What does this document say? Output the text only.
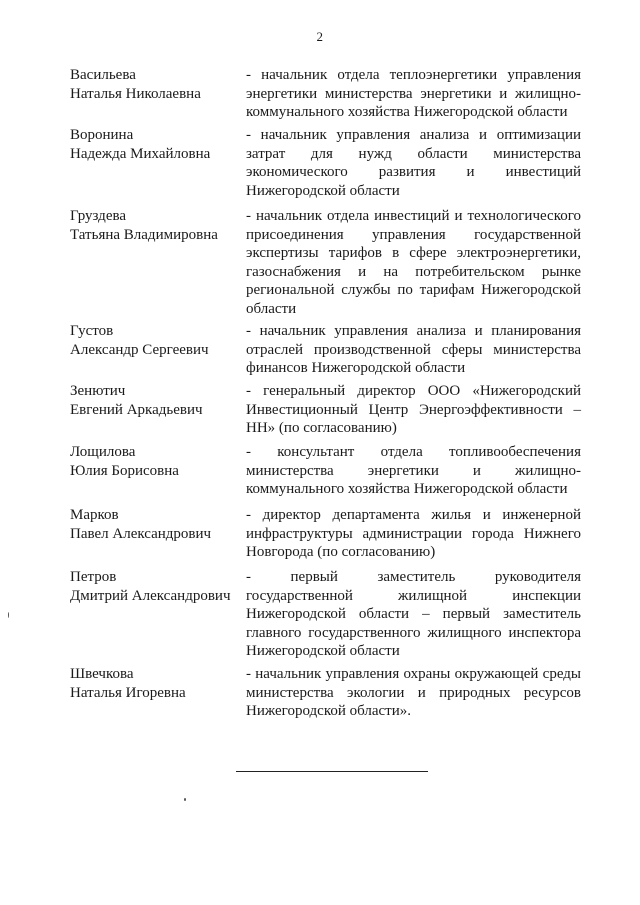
2
Васильева
Наталья Николаевна
- начальник отдела теплоэнергетики управления энергетики министерства энергетики и жилищно-коммунального хозяйства Нижегородской области
Воронина
Надежда Михайловна
- начальник управления анализа и оптимизации затрат для нужд области министерства экономического развития и инвестиций Нижегородской области
Груздева
Татьяна Владимировна
- начальник отдела инвестиций и технологического присоединения управления государственной экспертизы тарифов в сфере электроэнергетики, газоснабжения и на потребительском рынке региональной службы по тарифам Нижегородской области
Густов
Александр Сергеевич
- начальник управления анализа и планирования отраслей производственной сферы министерства финансов Нижегородской области
Зенютич
Евгений Аркадьевич
- генеральный директор ООО «Нижегородский Инвестиционный Центр Энергоэффективности – НН» (по согласованию)
Лощилова
Юлия Борисовна
- консультант отдела топливообеспечения министерства энергетики и жилищно-коммунального хозяйства Нижегородской области
Марков
Павел Александрович
- директор департамента жилья и инженерной инфраструктуры администрации города Нижнего Новгорода (по согласованию)
Петров
Дмитрий Александрович
- первый заместитель руководителя государственной жилищной инспекции Нижегородской области – первый заместитель главного государственного жилищного инспектора Нижегородской области
Швечкова
Наталья Игоревна
- начальник управления охраны окружающей среды министерства экологии и природных ресурсов Нижегородской области».
